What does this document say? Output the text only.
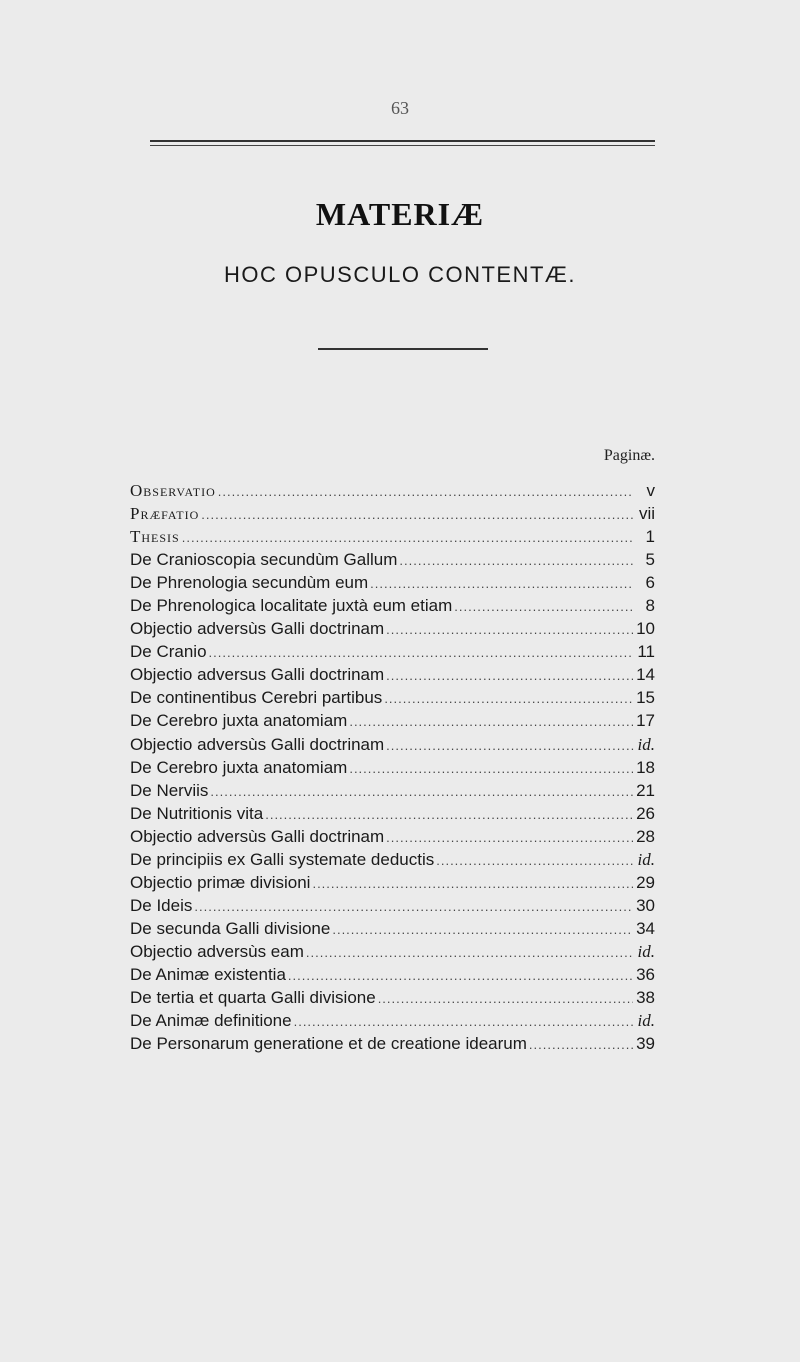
63
MATERIÆ
HOC OPUSCULO CONTENTÆ.
Paginæ.
Observatio .....	v
Præfatio .....	vii
Thesis .....	1
De Cranioscopia secundùm Gallum .....	5
De Phrenologia secundùm eum .....	6
De Phrenologica localitate juxtà eum etiam .....	8
Objectio adversùs Galli doctrinam .....	10
De Cranio .....	11
Objectio adversus Galli doctrinam .....	14
De continentibus Cerebri partibus .....	15
De Cerebro juxta anatomiam .....	17
Objectio adversùs Galli doctrinam .....	id.
De Cerebro juxta anatomiam .....	18
De Nerviis .....	21
De Nutritionis vita .....	26
Objectio adversùs Galli doctrinam .....	28
De principiis ex Galli systemate deductis .....	id.
Objectio primæ divisioni .....	29
De Ideis .....	30
De secunda Galli divisione .....	34
Objectio adversùs eam .....	id.
De Animæ existentia .....	36
De tertia et quarta Galli divisione .....	38
De Animæ definitione .....	id.
De Personarum generatione et de creatione idearum .....	39
